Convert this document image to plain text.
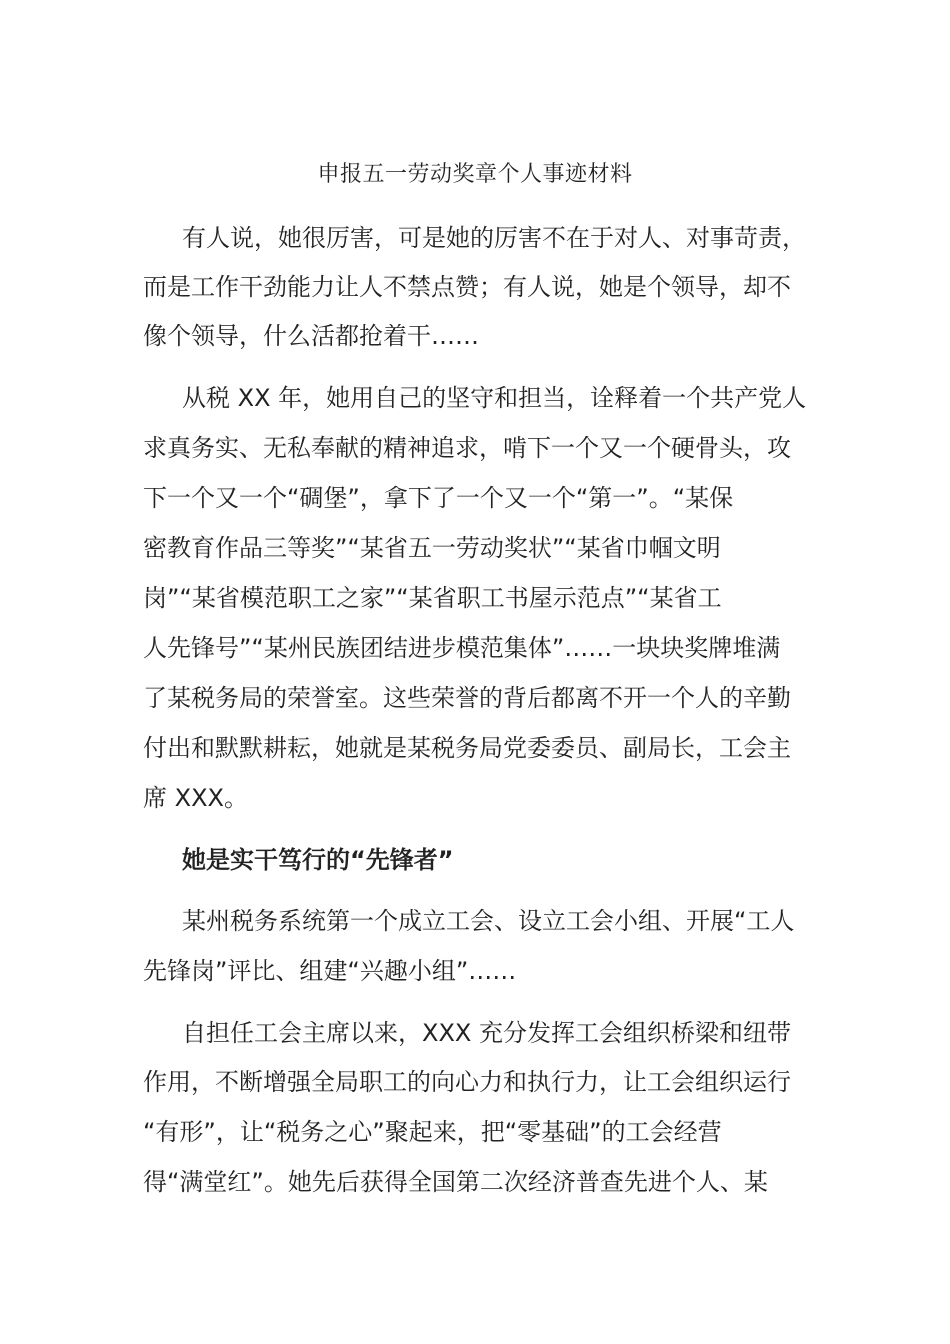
申报五一劳动奖章个人事迹材料
有人说，她很厉害，可是她的厉害不在于对人、对事苛责，
而是工作干劲能力让人不禁点赞；有人说，她是个领导，却不
像个领导，什么活都抢着干……
从税 XX 年，她用自己的坚守和担当，诠释着一个共产党人
求真务实、无私奉献的精神追求，啃下一个又一个硬骨头，攻
下一个又一个“碉堡”，拿下了一个又一个“第一”。“某保
密教育作品三等奖”“某省五一劳动奖状”“某省巾帼文明
岗”“某省模范职工之家”“某省职工书屋示范点”“某省工
人先锋号”“某州民族团结进步模范集体”……一块块奖牌堆满
了某税务局的荣誉室。这些荣誉的背后都离不开一个人的辛勤
付出和默默耕耘，她就是某税务局党委委员、副局长，工会主
席 XXX。
她是实干笃行的“先锋者”
某州税务系统第一个成立工会、设立工会小组、开展“工人
先锋岗”评比、组建“兴趣小组”……
自担任工会主席以来，XXX 充分发挥工会组织桥梁和纽带
作用，不断增强全局职工的向心力和执行力，让工会组织运行
“有形”，让“税务之心”聚起来，把“零基础”的工会经营
得“满堂红”。她先后获得全国第二次经济普查先进个人、某
